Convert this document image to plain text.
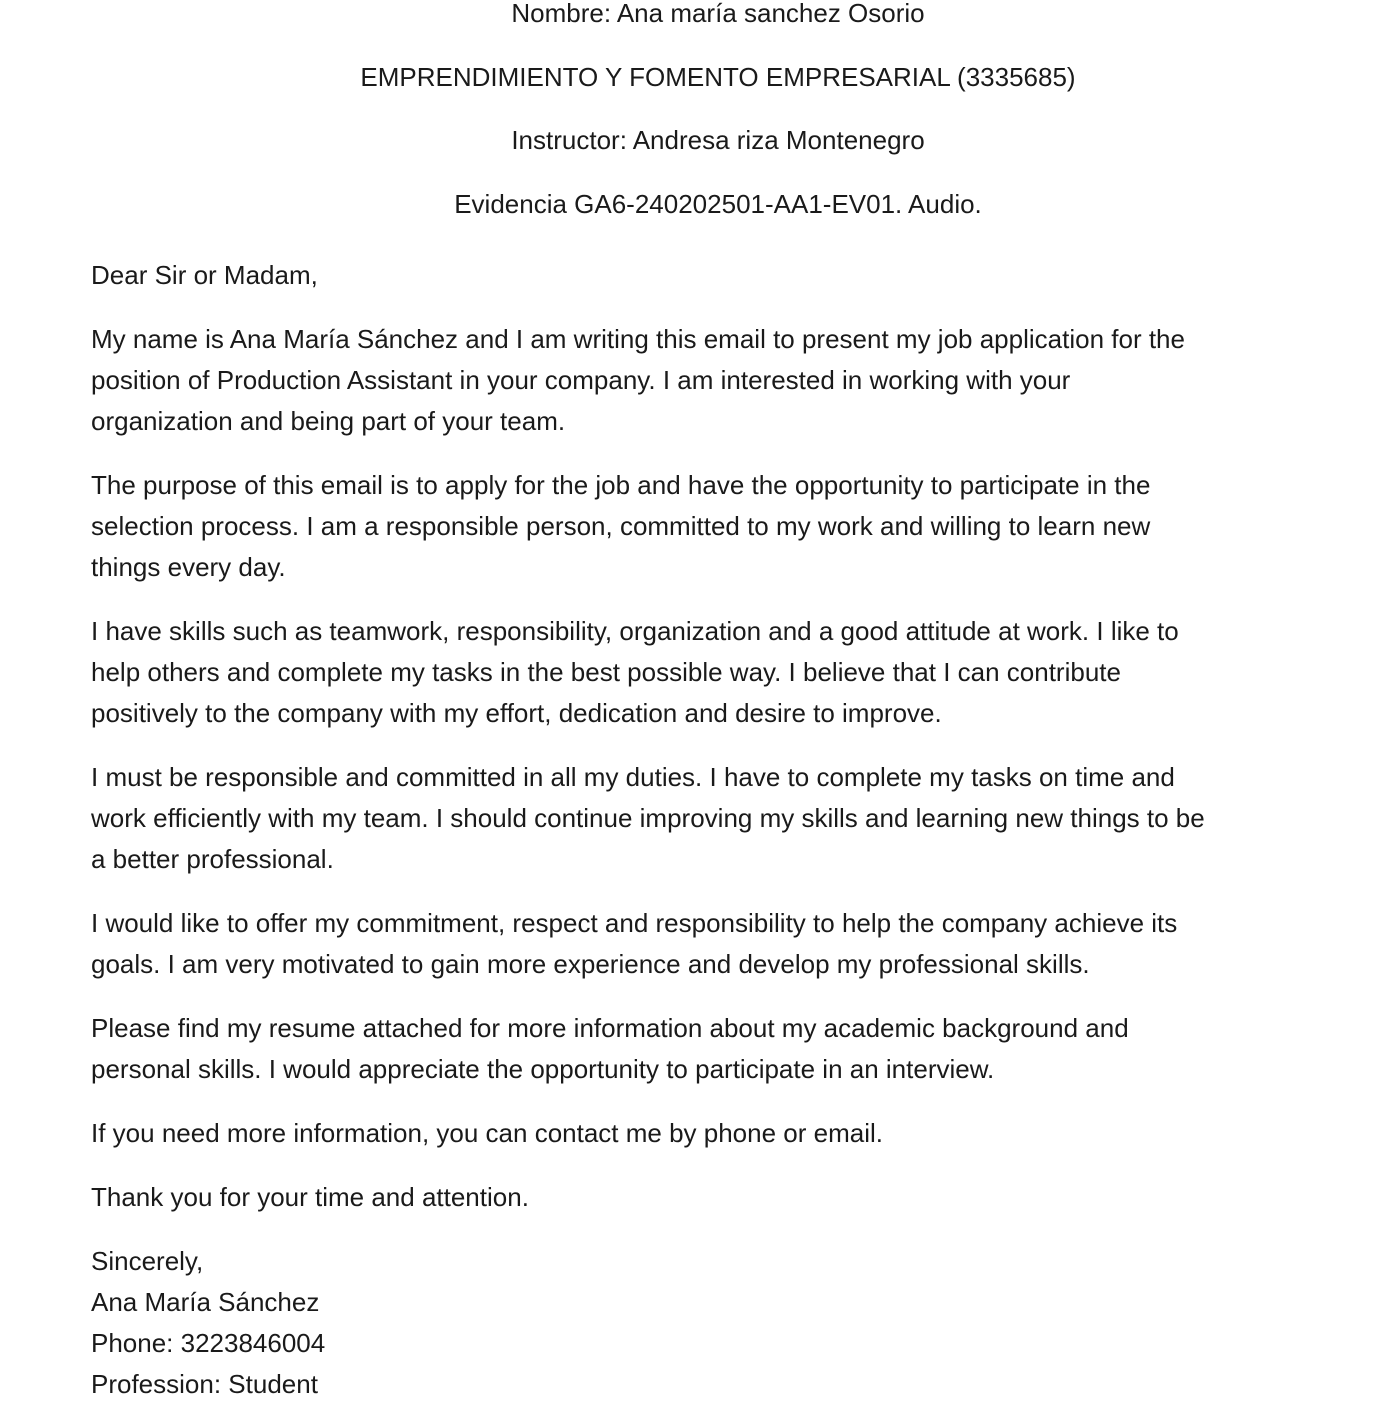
Nombre: Ana maría sanchez Osorio
EMPRENDIMIENTO Y FOMENTO EMPRESARIAL (3335685)
Instructor: Andresa riza Montenegro
Evidencia GA6-240202501-AA1-EV01. Audio.

Dear Sir or Madam,

My name is Ana María Sánchez and I am writing this email to present my job application for the
position of Production Assistant in your company. I am interested in working with your
organization and being part of your team.

The purpose of this email is to apply for the job and have the opportunity to participate in the
selection process. I am a responsible person, committed to my work and willing to learn new
things every day.

I have skills such as teamwork, responsibility, organization and a good attitude at work. I like to
help others and complete my tasks in the best possible way. I believe that I can contribute
positively to the company with my effort, dedication and desire to improve.

I must be responsible and committed in all my duties. I have to complete my tasks on time and
work efficiently with my team. I should continue improving my skills and learning new things to be
a better professional.

I would like to offer my commitment, respect and responsibility to help the company achieve its
goals. I am very motivated to gain more experience and develop my professional skills.

Please find my resume attached for more information about my academic background and
personal skills. I would appreciate the opportunity to participate in an interview.

If you need more information, you can contact me by phone or email.

Thank you for your time and attention.

Sincerely,
Ana María Sánchez
Phone: 3223846004
Profession: Student
